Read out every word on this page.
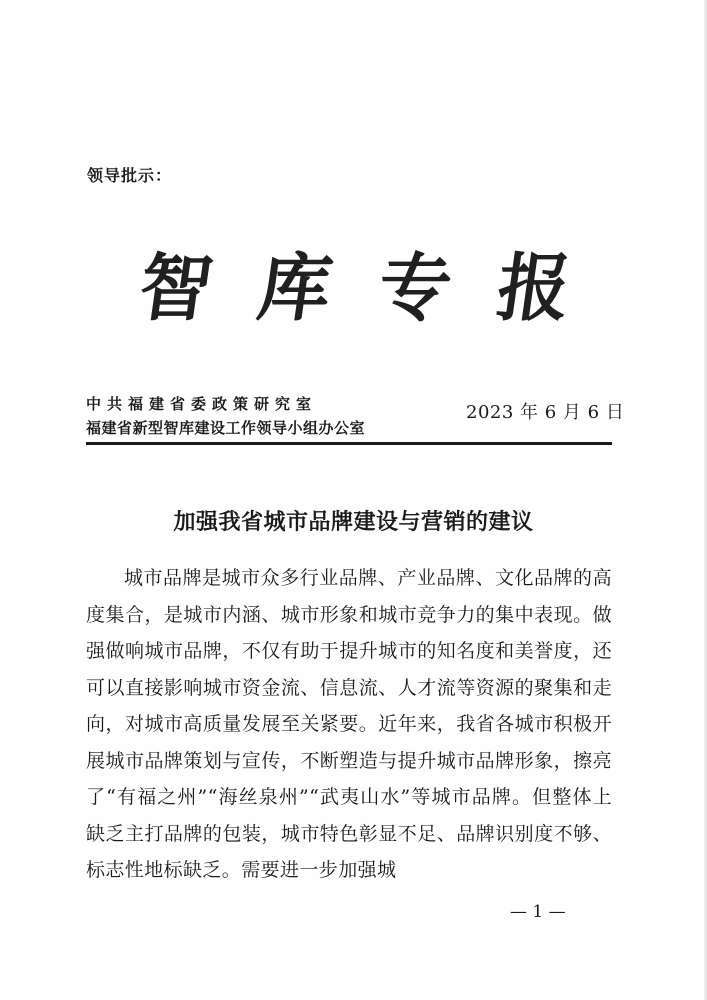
领导批示：
智 库 专 报
中共福建省委政策研究室
福建省新型智库建设工作领导小组办公室
2023 年 6 月 6 日
加强我省城市品牌建设与营销的建议
城市品牌是城市众多行业品牌、产业品牌、文化品牌的高度集合，是城市内涵、城市形象和城市竞争力的集中表现。做强做响城市品牌，不仅有助于提升城市的知名度和美誉度，还可以直接影响城市资金流、信息流、人才流等资源的聚集和走向，对城市高质量发展至关紧要。近年来，我省各城市积极开展城市品牌策划与宣传，不断塑造与提升城市品牌形象，擦亮了“有福之州”“海丝泉州”“武夷山水”等城市品牌。但整体上缺乏主打品牌的包装，城市特色彰显不足、品牌识别度不够、标志性地标缺乏。需要进一步加强城
— 1 —
